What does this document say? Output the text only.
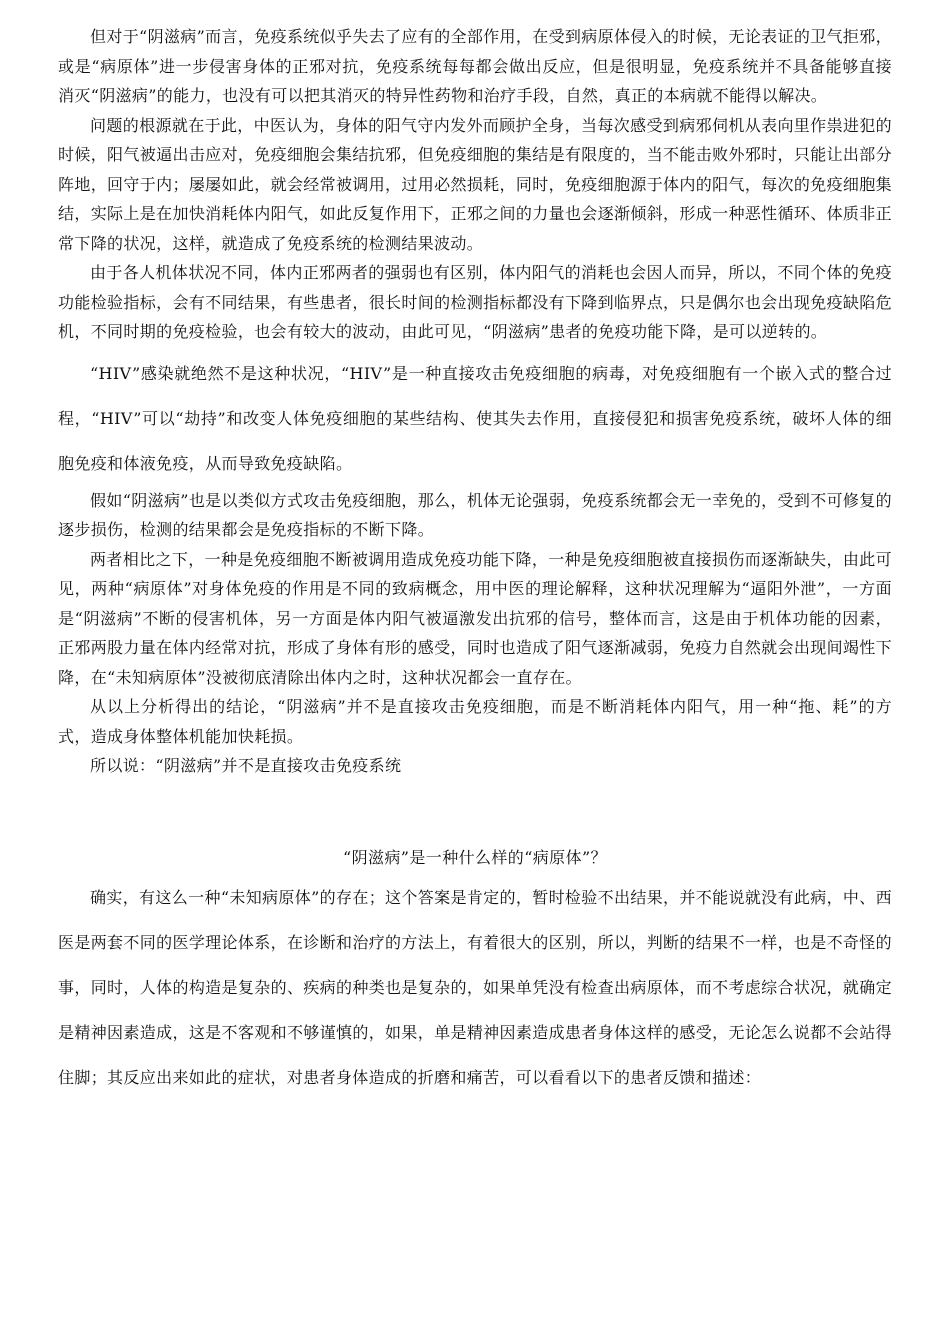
但对于“阴滋病”而言，免疫系统似乎失去了应有的全部作用，在受到病原体侵入的时候，无论表证的卫气拒邪，或是“病原体”进一步侵害身体的正邪对抗，免疫系统每每都会做出反应，但是很明显，免疫系统并不具备能够直接消灭“阴滋病”的能力，也没有可以把其消灭的特异性药物和治疗手段，自然，真正的本病就不能得以解决。

问题的根源就在于此，中医认为，身体的阳气守内发外而顾护全身，当每次感受到病邪伺机从表向里作祟进犯的时候，阳气被逼出击应对，免疫细胞会集结抗邪，但免疫细胞的集结是有限度的，当不能击败外邪时，只能让出部分阵地，回守于内；屡屡如此，就会经常被调用，过用必然损耗，同时，免疫细胞源于体内的阳气，每次的免疫细胞集结，实际上是在加快消耗体内阳气，如此反复作用下，正邪之间的力量也会逐渐倾斜，形成一种恶性循环、体质非正常下降的状况，这样，就造成了免疫系统的检测结果波动。

由于各人机体状况不同，体内正邪两者的强弱也有区别，体内阳气的消耗也会因人而异，所以，不同个体的免疫功能检验指标，会有不同结果，有些患者，很长时间的检测指标都没有下降到临界点，只是偶尔也会出现免疫缺陷危机，不同时期的免疫检验，也会有较大的波动，由此可见，“阴滋病”患者的免疫功能下降，是可以逆转的。

“HIV”感染就绝然不是这种状况，“HIV”是一种直接攻击免疫细胞的病毒，对免疫细胞有一个嵌入式的整合过程，“HIV”可以“劫持”和改变人体免疫细胞的某些结构、使其失去作用，直接侵犯和损害免疫系统，破坏人体的细胞免疫和体液免疫，从而导致免疫缺陷。

假如“阴滋病”也是以类似方式攻击免疫细胞，那么，机体无论强弱，免疫系统都会无一幸免的，受到不可修复的逐步损伤，检测的结果都会是免疫指标的不断下降。

两者相比之下，一种是免疫细胞不断被调用造成免疫功能下降，一种是免疫细胞被直接损伤而逐渐缺失，由此可见，两种“病原体”对身体免疫的作用是不同的致病概念，用中医的理论解释，这种状况理解为“逼阳外泄”，一方面是“阴滋病”不断的侵害机体，另一方面是体内阳气被逼激发出抗邪的信号，整体而言，这是由于机体功能的因素，正邪两股力量在体内经常对抗，形成了身体有形的感受，同时也造成了阳气逐渐减弱，免疫力自然就会出现间竭性下降，在“未知病原体”没被彻底清除出体内之时，这种状况都会一直存在。

从以上分析得出的结论，“阴滋病”并不是直接攻击免疫细胞，而是不断消耗体内阳气，用一种“拖、耗”的方式，造成身体整体机能加快耗损。

所以说：“阴滋病”并不是直接攻击免疫系统

“阴滋病”是一种什么样的“病原体”？

确实，有这么一种“未知病原体”的存在；这个答案是肯定的，暂时检验不出结果，并不能说就没有此病，中、西医是两套不同的医学理论体系，在诊断和治疗的方法上，有着很大的区别，所以，判断的结果不一样，也是不奇怪的事，同时，人体的构造是复杂的、疾病的种类也是复杂的，如果单凭没有检查出病原体，而不考虑综合状况，就确定是精神因素造成，这是不客观和不够谨慎的，如果，单是精神因素造成患者身体这样的感受，无论怎么说都不会站得住脚；其反应出来如此的症状，对患者身体造成的折磨和痛苦，可以看看以下的患者反馈和描述：
